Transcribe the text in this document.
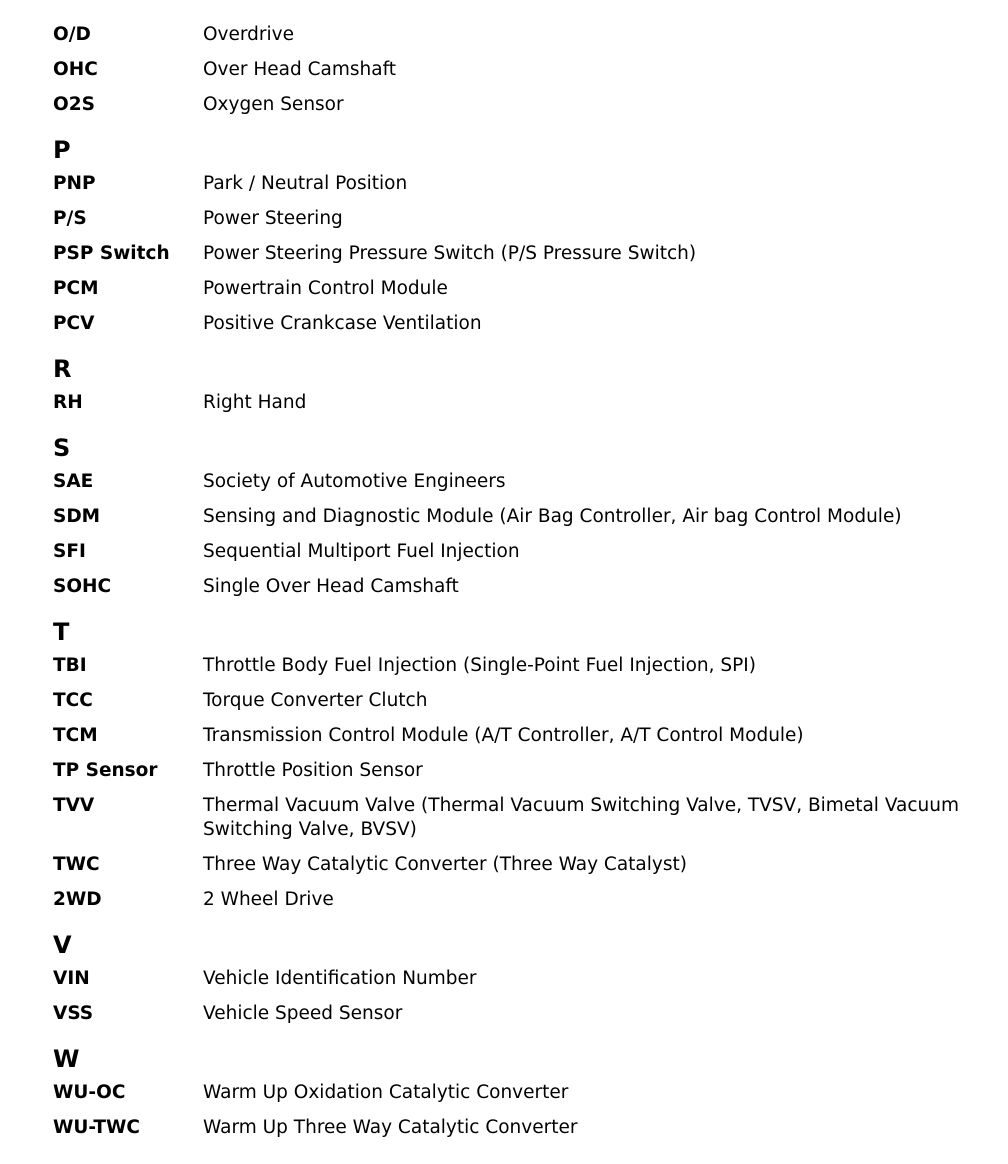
O/D	Overdrive
OHC	Over Head Camshaft
O2S	Oxygen Sensor
P
PNP	Park / Neutral Position
P/S	Power Steering
PSP Switch	Power Steering Pressure Switch (P/S Pressure Switch)
PCM	Powertrain Control Module
PCV	Positive Crankcase Ventilation
R
RH	Right Hand
S
SAE	Society of Automotive Engineers
SDM	Sensing and Diagnostic Module (Air Bag Controller, Air bag Control Module)
SFI	Sequential Multiport Fuel Injection
SOHC	Single Over Head Camshaft
T
TBI	Throttle Body Fuel Injection (Single-Point Fuel Injection, SPI)
TCC	Torque Converter Clutch
TCM	Transmission Control Module (A/T Controller, A/T Control Module)
TP Sensor	Throttle Position Sensor
TVV	Thermal Vacuum Valve (Thermal Vacuum Switching Valve, TVSV, Bimetal Vacuum Switching Valve, BVSV)
TWC	Three Way Catalytic Converter (Three Way Catalyst)
2WD	2 Wheel Drive
V
VIN	Vehicle Identification Number
VSS	Vehicle Speed Sensor
W
WU-OC	Warm Up Oxidation Catalytic Converter
WU-TWC	Warm Up Three Way Catalytic Converter
